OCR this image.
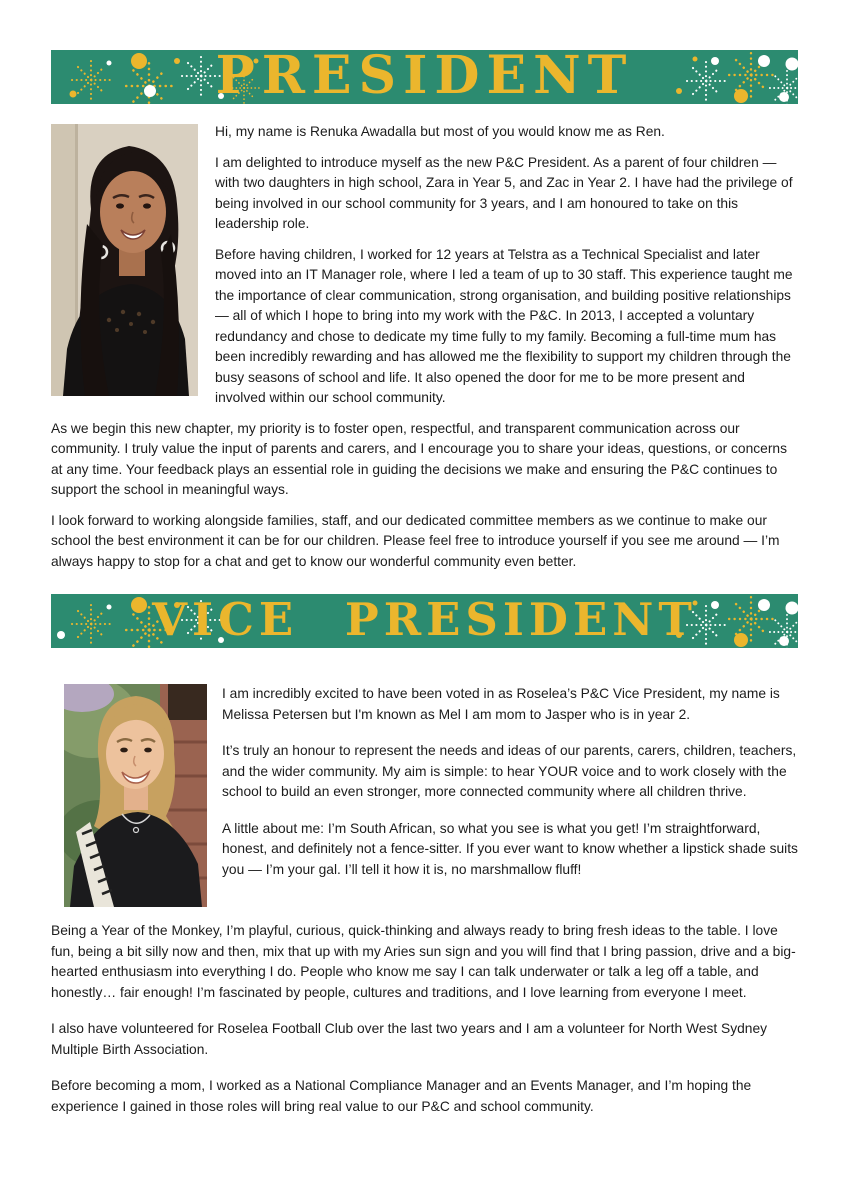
PRESIDENT

Hi, my name is Renuka Awadalla but most of you would know me as Ren.

I am delighted to introduce myself as the new P&C President. As a parent of four children — with two daughters in high school, Zara in Year 5, and Zac in Year 2. I have had the privilege of being involved in our school community for 3 years, and I am honoured to take on this leadership role.

Before having children, I worked for 12 years at Telstra as a Technical Specialist and later moved into an IT Manager role, where I led a team of up to 30 staff. This experience taught me the importance of clear communication, strong organisation, and building positive relationships — all of which I hope to bring into my work with the P&C. In 2013, I accepted a voluntary redundancy and chose to dedicate my time fully to my family. Becoming a full-time mum has been incredibly rewarding and has allowed me the flexibility to support my children through the busy seasons of school and life. It also opened the door for me to be more present and involved within our school community.

As we begin this new chapter, my priority is to foster open, respectful, and transparent communication across our community. I truly value the input of parents and carers, and I encourage you to share your ideas, questions, or concerns at any time. Your feedback plays an essential role in guiding the decisions we make and ensuring the P&C continues to support the school in meaningful ways.

I look forward to working alongside families, staff, and our dedicated committee members as we continue to make our school the best environment it can be for our children. Please feel free to introduce yourself if you see me around — I’m always happy to stop for a chat and get to know our wonderful community even better.

VICE PRESIDENT

I am incredibly excited to have been voted in as Roselea’s P&C Vice President, my name is Melissa Petersen but I'm known as Mel I am mom to Jasper who is in year 2.

It’s truly an honour to represent the needs and ideas of our parents, carers, children, teachers, and the wider community. My aim is simple: to hear YOUR voice and to work closely with the school to build an even stronger, more connected community where all children thrive.

A little about me: I’m South African, so what you see is what you get! I’m straightforward, honest, and definitely not a fence-sitter. If you ever want to know whether a lipstick shade suits you — I’m your gal. I’ll tell it how it is, no marshmallow fluff!

Being a Year of the Monkey, I’m playful, curious, quick-thinking and always ready to bring fresh ideas to the table. I love fun, being a bit silly now and then, mix that up with my Aries sun sign and you will find that I bring passion, drive and a big-hearted enthusiasm into everything I do. People who know me say I can talk underwater or talk a leg off a table, and honestly… fair enough! I’m fascinated by people, cultures and traditions, and I love learning from everyone I meet.

I also have volunteered for Roselea Football Club over the last two years and I am a volunteer for North West Sydney Multiple Birth Association.

Before becoming a mom, I worked as a National Compliance Manager and an Events Manager, and I’m hoping the experience I gained in those roles will bring real value to our P&C and school community.
